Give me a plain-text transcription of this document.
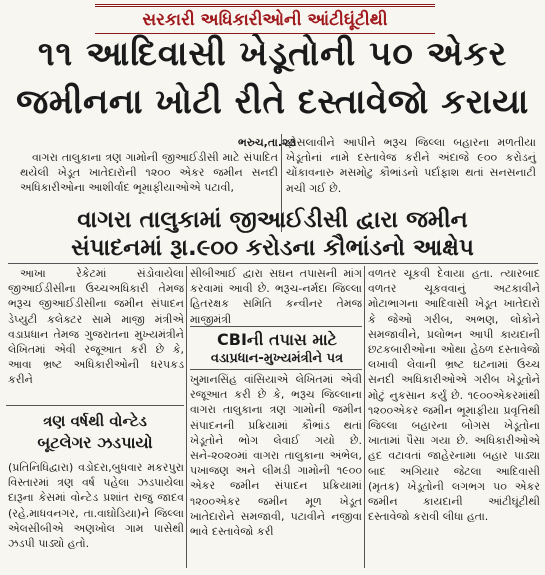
સરકારી અધિકારીઓની આંટીઘૂંટીથી
૧૧ આદિવાસી ખેડૂતોની ૫૦ એકર
જમીનના ખોટી રીતે દસ્તાવેજો કરાયા
ભરુચ,તા.૨૩
વાગરા તાલુકાના ત્રણ ગામોની જીઆઈડીસી માટે સંપાદિત થયેલી ખેડૂત ખાતેદારોની ૧૨૦૦ એકર જમીન સનદી અધિકારીઓના આશીર્વાદ ભૂમાફીયાઓએ પટાવી,
ફોસલાવીને આપીને ભરૂચ જિલ્લા બહારના મળતીયા ખેડૂતોનાં નામે દસ્તાવેજ કરીને અંદાજે ૯૦૦ કરોડનું ચોંકાવનારુ મસમોટુ કૌભાંડનો પર્દાફાશ થતાં સનસનાટી મચી ગઈ છે.
વાગરા તાલુકામાં જીઆઈડીસી દ્વારા જમીન
સંપાદનમાં રૂા.૯૦૦ કરોડના કૌભાંડનો આક્ષેપ
આખા રેકેટમાં સંડોવાયેલા જીઆઈડીસીના ઉચ્ચઅધિકારી તેમજ ભરૂચ જીઆઈડીસીના જમીન સંપાદન ડેપ્યુટી કલેક્ટર સામે માજી મંત્રીએ વડાપ્રધાન તેમજ ગુજરાતના મુખ્યમંત્રીને લેખિતમાં એવી રજૂઆત કરી છે કે, આવા ભ્રષ્ટ અધિકારીઓની ધરપકડ કરીને
સીબીઆઈ દ્વારા સઘન તપાસની માંગ કરવામાં આવી છે. ભરૂચ-નર્મદા જિલ્લા હિતરક્ષક સમિતિ કન્વીનર તેમજ માજીમંત્રી
CBIની તપાસ માટે
વડાપ્રધાન-મુખ્યમંત્રીને પત્ર
ખુમાનસિંહ વાંસિયાએ લેખિતમાં એવી રજૂઆત કરી છે કે, ભરૂચ જિલ્લાના વાગરા તાલુકાના ત્રણ ગામોની જમીન સંપાદનની પ્રક્રિયામાં કૌભાંડ થતાં ખેડૂતોને ભોગ લેવાઈ ગયો છે. સને-૨૦૨૦માં વાગરા તાલુકાના અંભેલ, પખાજણ અને લીમડી ગામોની ૧૯૦૦ એકર જમીન સંપાદન પ્રક્રિયામાં ૧૨૦૦એકર જમીન મૂળ ખેડૂત ખાતેદારોને સમજાવી, પટાવીને નજીવા ભાવે દસ્તાવેજો કરી
વળતર ચૂકવી દેવાયા હતા. ત્યારબાદ વળતર ચૂકવવાનું અટકાવીને મોટાભાગના આદિવાસી ખેડૂત ખાતેદારો કે જેઓ ગરીબ, અભણ, લોકોને સમજાવીને, પ્રલોભન આપી કાયદાની છટકબારીઓના ઓથા હેઠળ દસ્તાવેજો લખાવી લેવાની ભ્રષ્ટ ઘટનામાં ઉચ્ચ સનદી અધિકારીઓએ ગરીબ ખેડૂતોને મોટું નુકસાન કર્યું છે. ૧૯૦૦એકરમાંથી ૧૨૦૦એકર જમીન ભૂમાફીયા પ્રવૃત્તિથી જિલ્લા બહારના બોગસ ખેડૂતોના ખાતામાં પૈસા ગયા છે. અધિકારીઓએ હદ વટાવતાં જાહેરનામા બહાર પાડ્યા બાદ અગિયાર જેટલા આદિવાસી (મૃતક) ખેડૂતોની લગભગ ૫૦ એકર જમીન કાયદાની આંટીઘૂંટીથી દસ્તાવેજો કરાવી લીધા હતા.
ત્રણ વર્ષથી વોન્ટેડ
બૂટલેગર ઝડપાયો
(પ્રતિનિધિદ્વારા) વડોદરા,બુધવાર મકરપુરા વિસ્તારમાં ત્રણ વર્ષ પહેલા ઝડપાયેલા દારૂના કેસમાં વોન્ટેડ પ્રશાંત રાજુ જાદવ (રહે.માધવનગર, તા.વાઘોડિયા)ને જિલ્લા એલસીબીએ અણખોલ ગામ પાસેથી ઝડપી પાડ્યો હતો.
